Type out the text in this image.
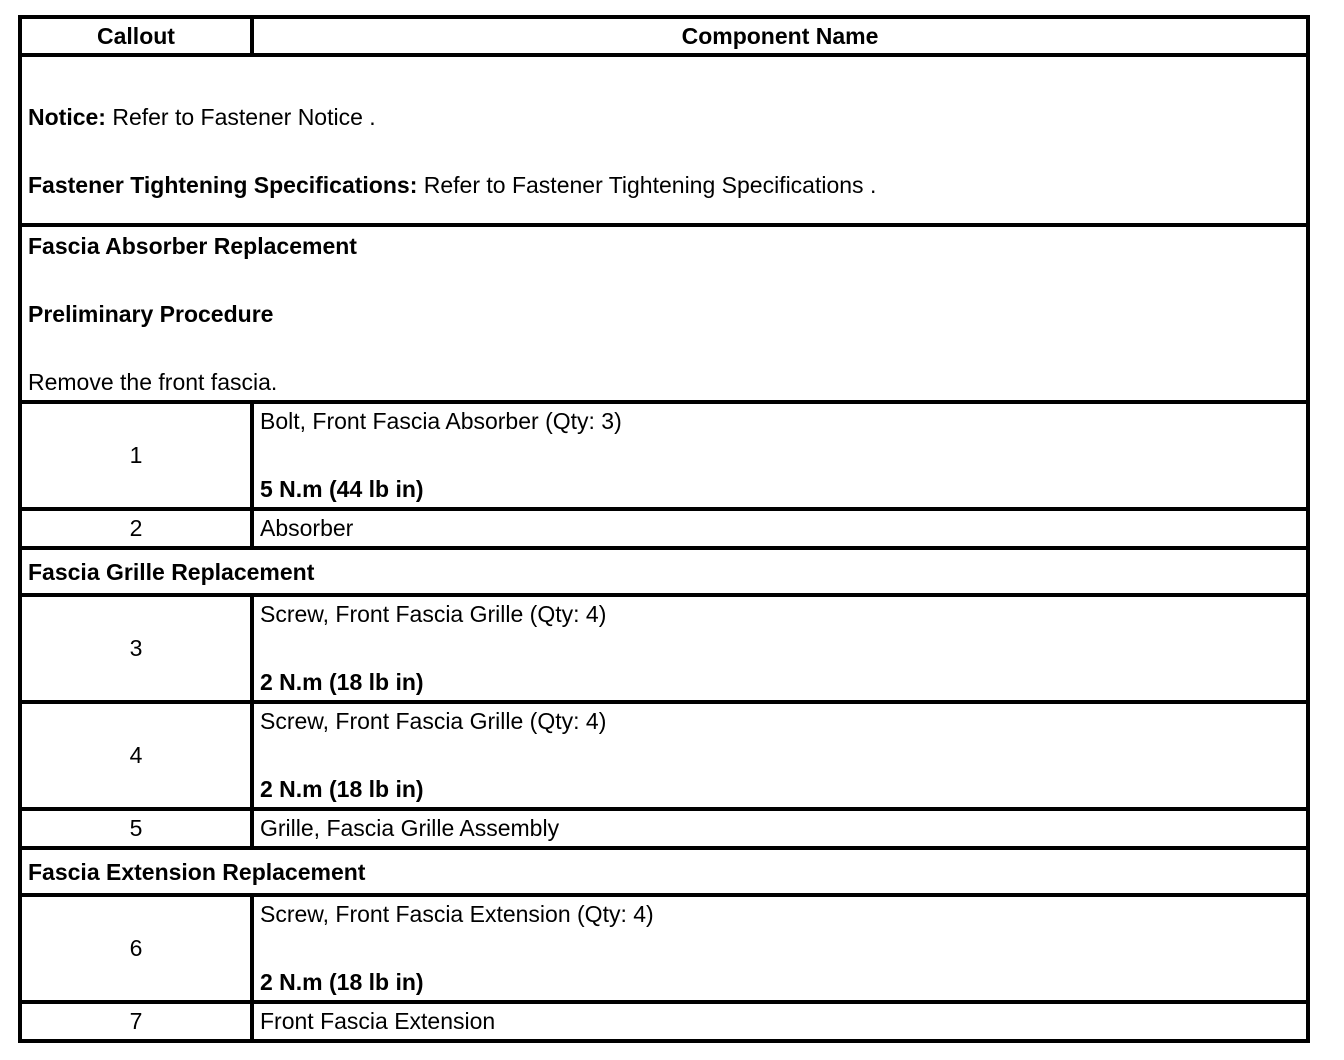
Callout	Component Name

Notice: Refer to Fastener Notice .

Fastener Tightening Specifications: Refer to Fastener Tightening Specifications .	

Fascia Absorber Replacement

Preliminary Procedure

Remove the front fascia.	

1	Bolt, Front Fascia Absorber (Qty: 3)

5 N.m (44 lb in)

2	Absorber
Fascia Grille Replacement	
3	Screw, Front Fascia Grille (Qty: 4)

2 N.m (18 lb in)

4	Screw, Front Fascia Grille (Qty: 4)

2 N.m (18 lb in)

5	Grille, Fascia Grille Assembly
Fascia Extension Replacement	
6	Screw, Front Fascia Extension (Qty: 4)

2 N.m (18 lb in)

7	Front Fascia Extension
